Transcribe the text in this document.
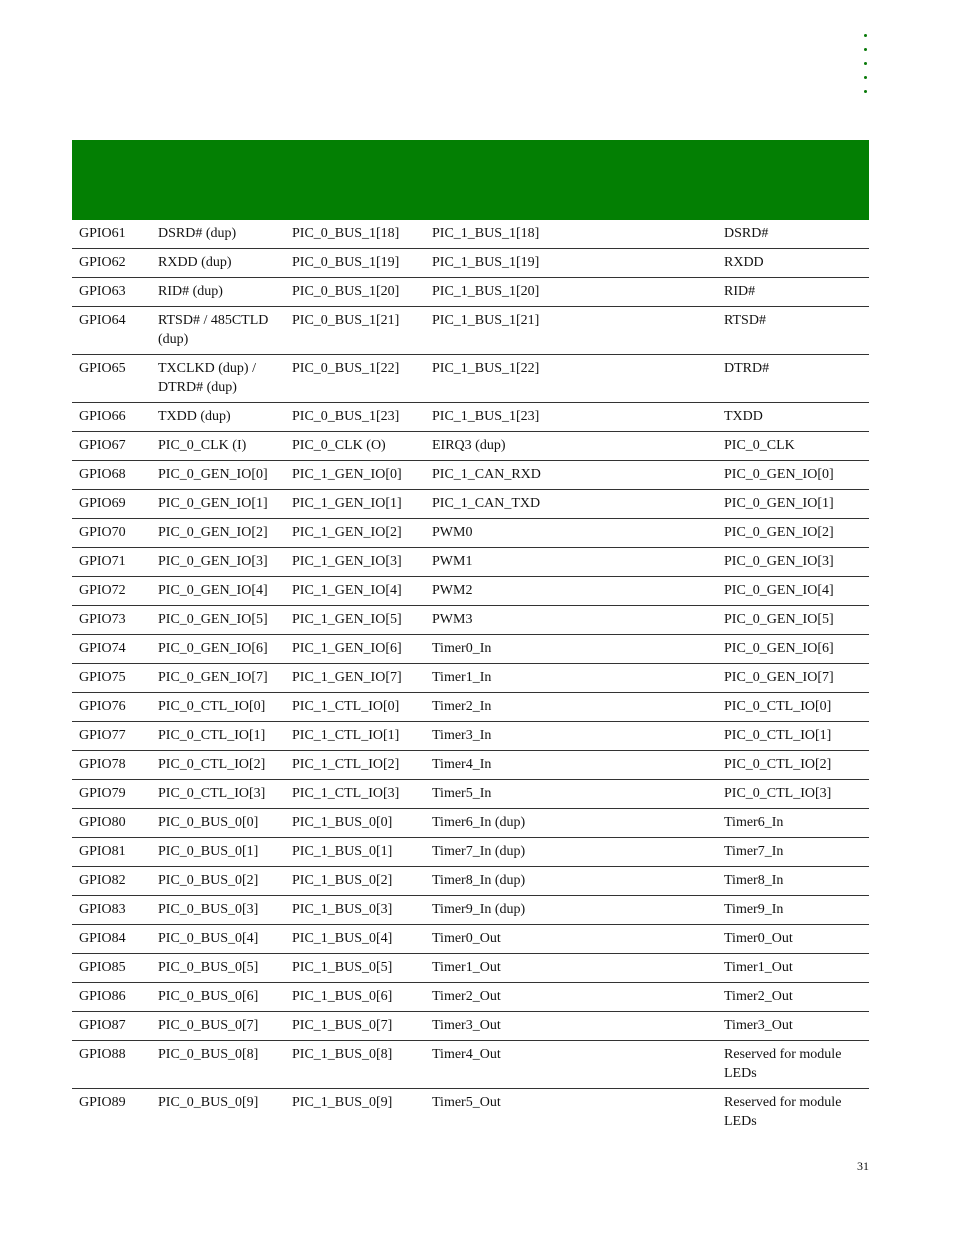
GPIO61	DSRD# (dup)	PIC_0_BUS_1[18]	PIC_1_BUS_1[18]	DSRD#
GPIO62	RXDD (dup)	PIC_0_BUS_1[19]	PIC_1_BUS_1[19]	RXDD
GPIO63	RID# (dup)	PIC_0_BUS_1[20]	PIC_1_BUS_1[20]	RID#
GPIO64	RTSD# / 485CTLD (dup)	PIC_0_BUS_1[21]	PIC_1_BUS_1[21]	RTSD#
GPIO65	TXCLKD (dup) / DTRD# (dup)	PIC_0_BUS_1[22]	PIC_1_BUS_1[22]	DTRD#
GPIO66	TXDD (dup)	PIC_0_BUS_1[23]	PIC_1_BUS_1[23]	TXDD
GPIO67	PIC_0_CLK (I)	PIC_0_CLK (O)	EIRQ3 (dup)	PIC_0_CLK
GPIO68	PIC_0_GEN_IO[0]	PIC_1_GEN_IO[0]	PIC_1_CAN_RXD	PIC_0_GEN_IO[0]
GPIO69	PIC_0_GEN_IO[1]	PIC_1_GEN_IO[1]	PIC_1_CAN_TXD	PIC_0_GEN_IO[1]
GPIO70	PIC_0_GEN_IO[2]	PIC_1_GEN_IO[2]	PWM0	PIC_0_GEN_IO[2]
GPIO71	PIC_0_GEN_IO[3]	PIC_1_GEN_IO[3]	PWM1	PIC_0_GEN_IO[3]
GPIO72	PIC_0_GEN_IO[4]	PIC_1_GEN_IO[4]	PWM2	PIC_0_GEN_IO[4]
GPIO73	PIC_0_GEN_IO[5]	PIC_1_GEN_IO[5]	PWM3	PIC_0_GEN_IO[5]
GPIO74	PIC_0_GEN_IO[6]	PIC_1_GEN_IO[6]	Timer0_In	PIC_0_GEN_IO[6]
GPIO75	PIC_0_GEN_IO[7]	PIC_1_GEN_IO[7]	Timer1_In	PIC_0_GEN_IO[7]
GPIO76	PIC_0_CTL_IO[0]	PIC_1_CTL_IO[0]	Timer2_In	PIC_0_CTL_IO[0]
GPIO77	PIC_0_CTL_IO[1]	PIC_1_CTL_IO[1]	Timer3_In	PIC_0_CTL_IO[1]
GPIO78	PIC_0_CTL_IO[2]	PIC_1_CTL_IO[2]	Timer4_In	PIC_0_CTL_IO[2]
GPIO79	PIC_0_CTL_IO[3]	PIC_1_CTL_IO[3]	Timer5_In	PIC_0_CTL_IO[3]
GPIO80	PIC_0_BUS_0[0]	PIC_1_BUS_0[0]	Timer6_In (dup)	Timer6_In
GPIO81	PIC_0_BUS_0[1]	PIC_1_BUS_0[1]	Timer7_In (dup)	Timer7_In
GPIO82	PIC_0_BUS_0[2]	PIC_1_BUS_0[2]	Timer8_In (dup)	Timer8_In
GPIO83	PIC_0_BUS_0[3]	PIC_1_BUS_0[3]	Timer9_In (dup)	Timer9_In
GPIO84	PIC_0_BUS_0[4]	PIC_1_BUS_0[4]	Timer0_Out	Timer0_Out
GPIO85	PIC_0_BUS_0[5]	PIC_1_BUS_0[5]	Timer1_Out	Timer1_Out
GPIO86	PIC_0_BUS_0[6]	PIC_1_BUS_0[6]	Timer2_Out	Timer2_Out
GPIO87	PIC_0_BUS_0[7]	PIC_1_BUS_0[7]	Timer3_Out	Timer3_Out
GPIO88	PIC_0_BUS_0[8]	PIC_1_BUS_0[8]	Timer4_Out	Reserved for module LEDs
GPIO89	PIC_0_BUS_0[9]	PIC_1_BUS_0[9]	Timer5_Out	Reserved for module LEDs
31
